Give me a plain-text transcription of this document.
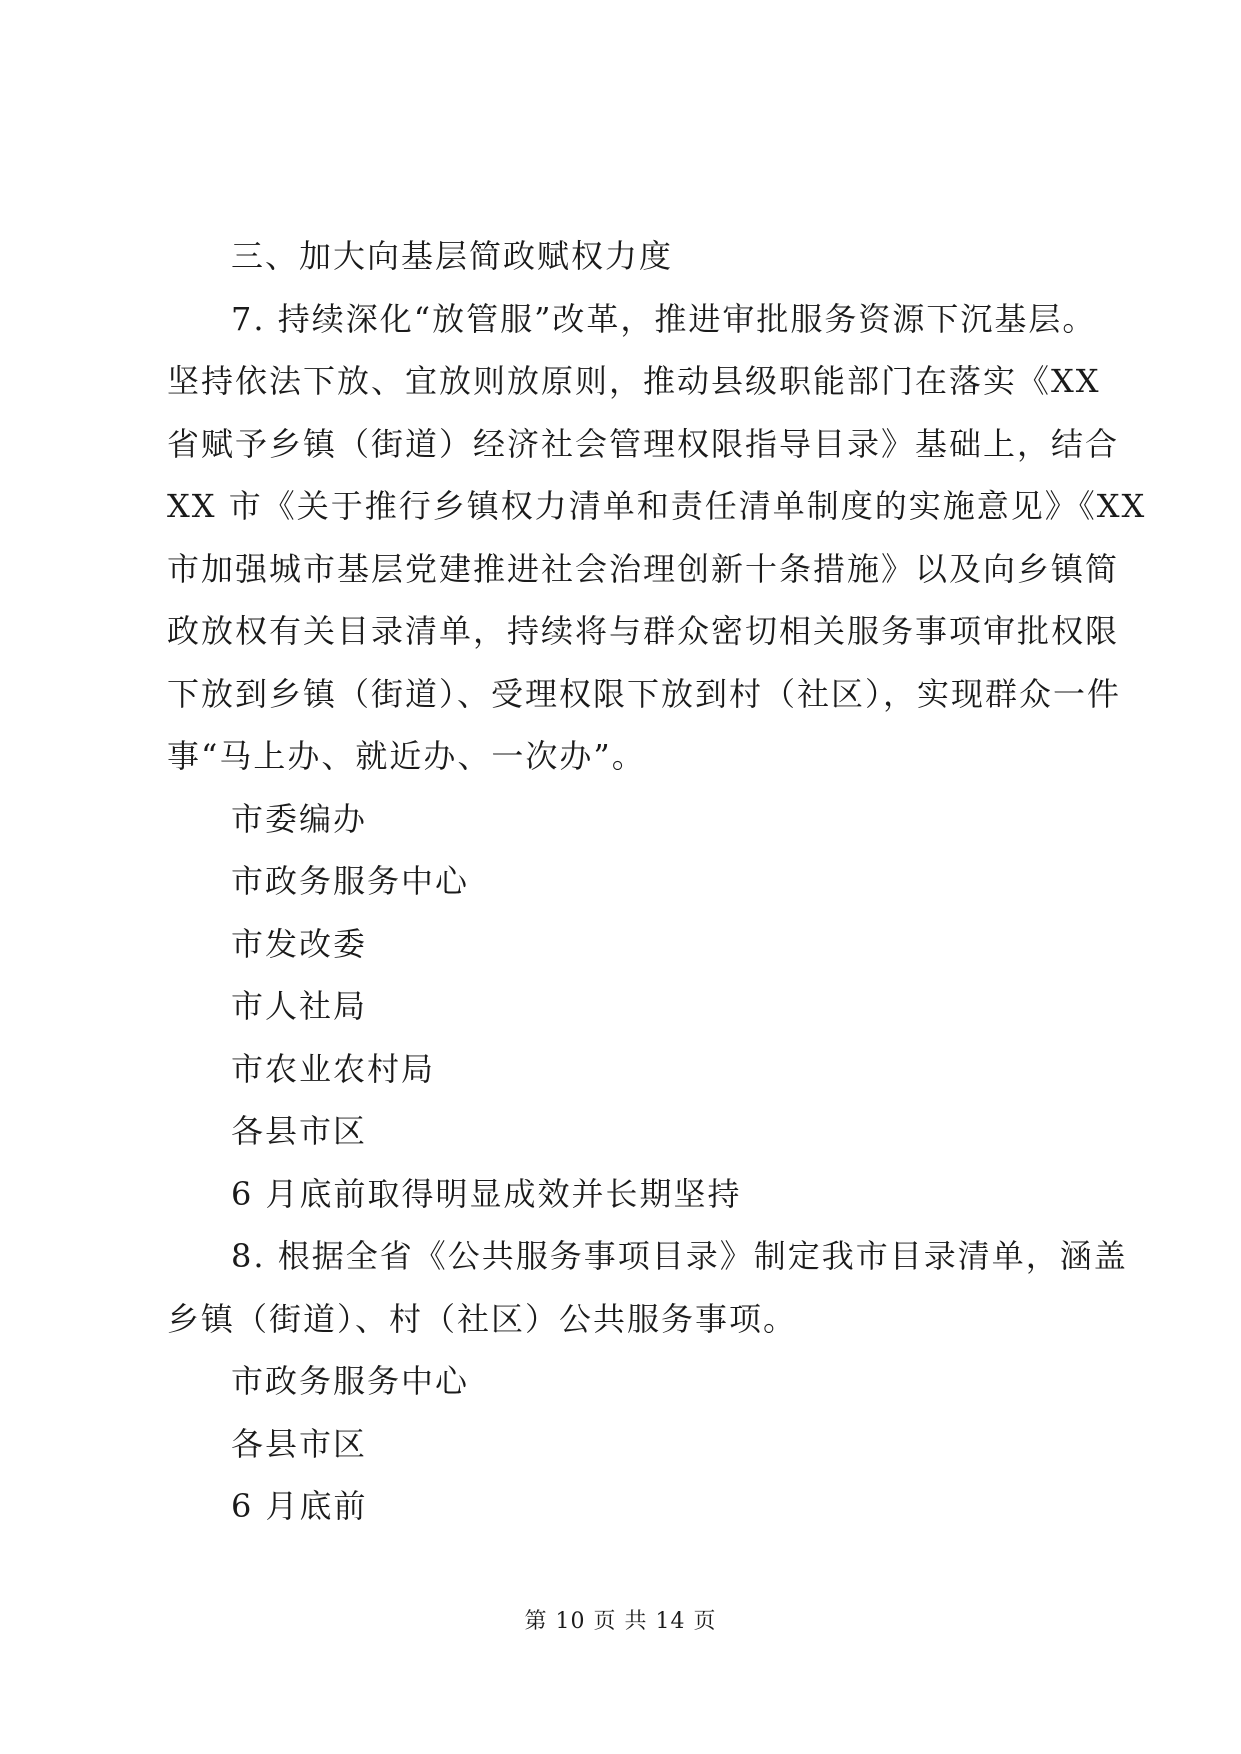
三、加大向基层简政赋权力度
7. 持续深化“放管服”改革，推进审批服务资源下沉基层。
坚持依法下放、宜放则放原则，推动县级职能部门在落实《XX
省赋予乡镇（街道）经济社会管理权限指导目录》基础上，结合
XX 市《关于推行乡镇权力清单和责任清单制度的实施意见》《XX
市加强城市基层党建推进社会治理创新十条措施》以及向乡镇简
政放权有关目录清单，持续将与群众密切相关服务事项审批权限
下放到乡镇（街道）、受理权限下放到村（社区），实现群众一件
事“马上办、就近办、一次办”。
市委编办
市政务服务中心
市发改委
市人社局
市农业农村局
各县市区
6 月底前取得明显成效并长期坚持
8. 根据全省《公共服务事项目录》制定我市目录清单，涵盖
乡镇（街道）、村（社区）公共服务事项。
市政务服务中心
各县市区
6 月底前
第 10 页 共 14 页
